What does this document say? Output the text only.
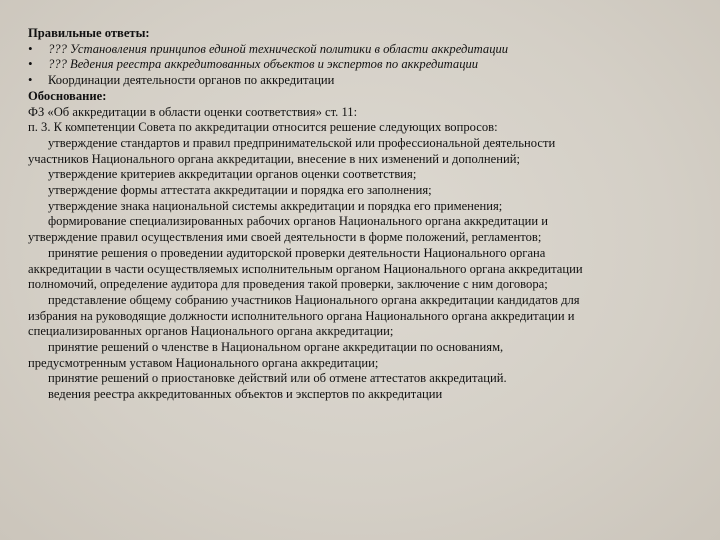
Правильные ответы:
• ??? Установления принципов единой технической политики в области аккредитации
• ??? Ведения реестра аккредитованных объектов и экспертов по аккредитации
• Координации деятельности органов по аккредитации
Обоснование:
ФЗ «Об аккредитации в области оценки соответствия» ст. 11:
п. 3. К компетенции Совета по аккредитации относится решение следующих вопросов:
утверждение стандартов и правил предпринимательской или профессиональной деятельности
участников Национального органа аккредитации, внесение в них изменений и дополнений;
утверждение критериев аккредитации органов оценки соответствия;
утверждение формы аттестата аккредитации и порядка его заполнения;
утверждение знака национальной системы аккредитации и порядка его применения;
формирование специализированных рабочих органов Национального органа аккредитации и
утверждение правил осуществления ими своей деятельности в форме положений, регламентов;
принятие решения о проведении аудиторской проверки деятельности Национального органа
аккредитации в части осуществляемых исполнительным органом Национального органа аккредитации
полномочий, определение аудитора для проведения такой проверки, заключение с ним договора;
представление общему собранию участников Национального органа аккредитации кандидатов для
избрания на руководящие должности исполнительного органа Национального органа аккредитации и
специализированных органов Национального органа аккредитации;
принятие решений о членстве в Национальном органе аккредитации по основаниям,
предусмотренным уставом Национального органа аккредитации;
принятие решений о приостановке действий или об отмене аттестатов аккредитаций.
ведения реестра аккредитованных объектов и экспертов по аккредитации
